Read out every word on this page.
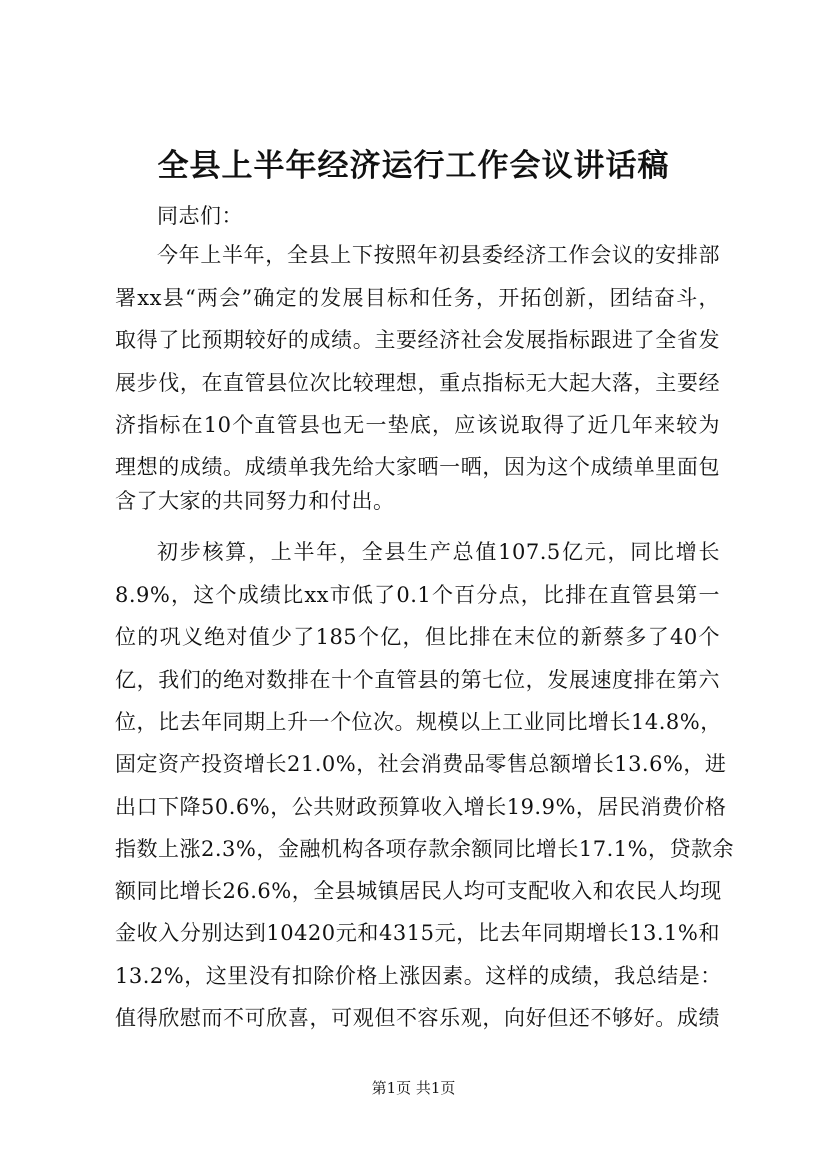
全县上半年经济运行工作会议讲话稿
同志们：
今年上半年，全县上下按照年初县委经济工作会议的安排部
署xx县“两会”确定的发展目标和任务，开拓创新，团结奋斗，
取得了比预期较好的成绩。主要经济社会发展指标跟进了全省发
展步伐，在直管县位次比较理想，重点指标无大起大落，主要经
济指标在10个直管县也无一垫底，应该说取得了近几年来较为
理想的成绩。成绩单我先给大家晒一晒，因为这个成绩单里面包
含了大家的共同努力和付出。
初步核算，上半年，全县生产总值107.5亿元，同比增长
8.9%，这个成绩比xx市低了0.1个百分点，比排在直管县第一
位的巩义绝对值少了185个亿，但比排在末位的新蔡多了40个
亿，我们的绝对数排在十个直管县的第七位，发展速度排在第六
位，比去年同期上升一个位次。规模以上工业同比增长14.8%，
固定资产投资增长21.0%，社会消费品零售总额增长13.6%，进
出口下降50.6%，公共财政预算收入增长19.9%，居民消费价格
指数上涨2.3%，金融机构各项存款余额同比增长17.1%，贷款余
额同比增长26.6%，全县城镇居民人均可支配收入和农民人均现
金收入分别达到10420元和4315元，比去年同期增长13.1%和
13.2%，这里没有扣除价格上涨因素。这样的成绩，我总结是：
值得欣慰而不可欣喜，可观但不容乐观，向好但还不够好。成绩
第1页 共1页
